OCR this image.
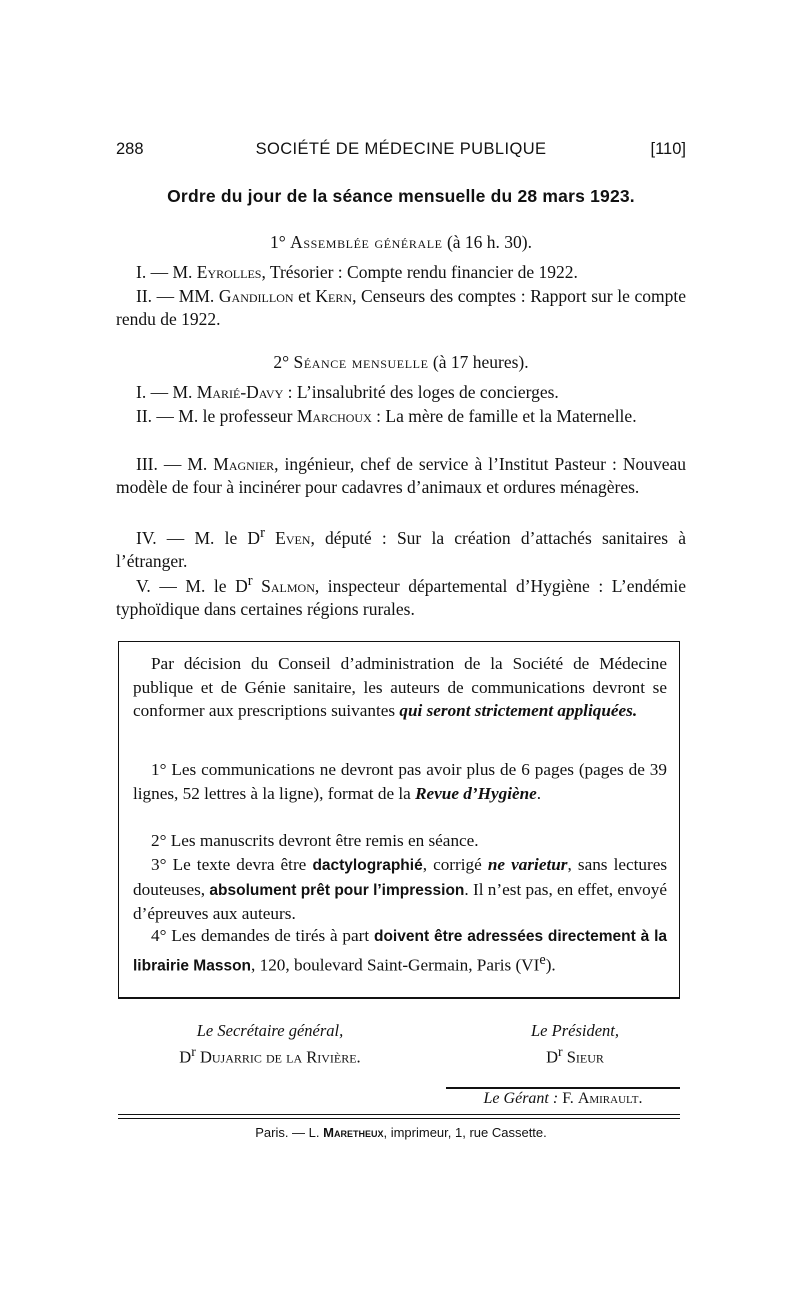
288	SOCIÉTÉ DE MÉDECINE PUBLIQUE	[110]
Ordre du jour de la séance mensuelle du 28 mars 1923.
1° Assemblée générale (à 16 h. 30).

I. — M. Eyrolles, Trésorier : Compte rendu financier de 1922.

II. — MM. Gandillon et Kern, Censeurs des comptes : Rapport sur le compte rendu de 1922.

2° Séance mensuelle (à 17 heures).

I. — M. Marié-Davy : L’insalubrité des loges de concierges.

II. — M. le professeur Marchoux : La mère de famille et la Maternelle.

III. — M. Magnier, ingénieur, chef de service à l’Institut Pasteur : Nouveau modèle de four à incinérer pour cadavres d’animaux et ordures ménagères.

IV. — M. le $D^r$ Even, député : Sur la création d’attachés sanitaires à l’étranger.

V. — M. le $D^r$ Salmon, inspecteur départemental d’Hygiène : L’endémie typhoïdique dans certaines régions rurales.

Par décision du Conseil d’administration de la Société de Médecine publique et de Génie sanitaire, les auteurs de communications devront se conformer aux prescriptions suivantes qui seront strictement appliquées.

1° Les communications ne devront pas avoir plus de 6 pages (pages de 39 lignes, 52 lettres à la ligne), format de la Revue d’Hygiène.

2° Les manuscrits devront être remis en séance.

3° Le texte devra être dactylographié, corrigé ne varietur, sans lectures douteuses, absolument prêt pour l’impression. Il n’est pas, en effet, envoyé d’épreuves aux auteurs.

4° Les demandes de tirés à part doivent être adressées directement à la librairie Masson, 120, boulevard Saint-Germain, Paris (VIe).

Le Secrétaire général,
$D^r$ Dujarric de la Rivière.
Le Président,
$D^r$ Sieur
Le Gérant : F. Amirault.
Paris. — L. Maretheux, imprimeur, 1, rue Cassette.
